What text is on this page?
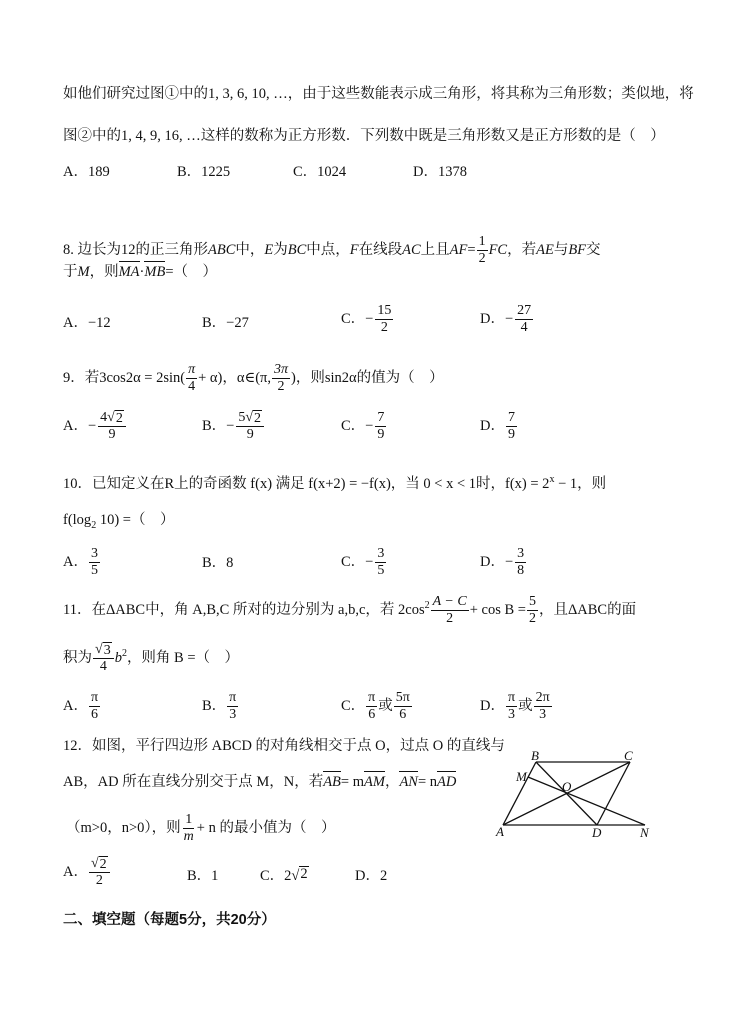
如他们研究过图①中的1, 3, 6, 10, …，由于这些数能表示成三角形，将其称为三角形数；类似地，将
图②中的1, 4, 9, 16, …这样的数称为正方形数．下列数中既是三角形数又是正方形数的是（　）
A．189	B．1225	C．1024	D．1378
8. 边长为12的正三角形ABC中，E为BC中点，F在线段AC上且$AF= \frac{1}{2}$ FC，若AE与BF交
于M，则MA·MB=（　）
A．−12	B．−27	C．− $\frac{15}{2}$	D．− $\frac{27}{4}$
9．若$3\cos 2\alpha = 2\sin( \frac{\pi}{4} + \alpha)$，α∈(π, $\frac{3\pi}{2}$ )，则sin2α的值为（　）
A．− $\frac{4√ 2}{9}$	B．− $\frac{5√ 2}{9}$	C．− $\frac{7}{9}$	D． $\frac{7}{9}$
10．已知定义在R上的奇函数 f(x) 满足 f(x+2) = −f(x)，当 0 < x < 1时，$f(x) = 2^x - 1$，则
$f(\log_2$ 10) =（　）
A． $\frac{3}{5}$	B．8	C．− $\frac{3}{5}$	D．− $\frac{3}{8}$
11．在ΔABC中，角 A,B,C 所对的边分别为 a,b,c，若 $2\cos^2 \frac{A - C}{2} + \cos B = \frac{5}{2}$ ，且ΔABC的面
积为 $\frac{√ 3}{4} b^2$，则角 B =（　）
A． $\frac{\pi}{6}$	B． $\frac{\pi}{3}$	C． $\frac{\pi}{6}$ 或 $\frac{5\pi}{6}$	D． $\frac{\pi}{3}$ 或 $\frac{2\pi}{3}$
12．如图，平行四边形 ABCD 的对角线相交于点 O，过点 O 的直线与
AB，AD 所在直线分别交于点 M，N，若AB= mAM，AN= nAD
（m>0，n>0），则 $\frac{1}{m} + n$ 的最小值为（　）
A． $\frac{√ 2}{2}$	B．1	C．2√ 2	D．2
B	C
M
O
A	D	N
二、填空题（每题5分，共20分）
